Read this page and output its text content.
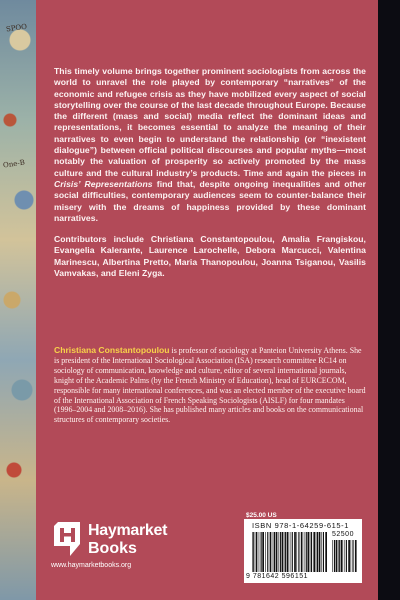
SPOO
One-B

This timely volume brings together prominent sociologists from across the world to unravel the role played by contemporary “narratives” of the economic and refugee crisis as they have mobilized every aspect of social storytelling over the course of the last decade throughout Europe. Because the different (mass and social) media reflect the dominant ideas and representations, it becomes essential to analyze the meaning of their narratives to even begin to understand the relationship (or “inexistent dialogue”) between official political discourses and popular myths—most notably the valuation of prosperity so actively promoted by the mass culture and the cultural industry’s products. Time and again the pieces in Crisis’ Representations find that, despite ongoing inequalities and other social difficulties, contemporary audiences seem to counter-balance their misery with the dreams of happiness provided by these dominant narratives.

Contributors include Christiana Constantopoulou, Amalia Frangiskou, Evangelia Kalerante, Laurence Larochelle, Debora Marcucci, Valentina Marinescu, Albertina Pretto, Maria Thanopoulou, Joanna Tsiganou, Vasilis Vamvakas, and Eleni Zyga.

Christiana Constantopoulou is professor of sociology at Panteion University Athens. She is president of the International Sociological Association (ISA) research committee RC14 on sociology of communication, knowledge and culture, editor of several international journals, knight of the Academic Palms (by the French Ministry of Education), head of EURCECOM, responsible for many international conferences, and was an elected member of the executive board of the International Association of French Speaking Sociologists (AISLF) for four mandates (1996–2004 and 2008–2016). She has published many articles and books on the communicational structures of contemporary societies.
Haymarket
Books
www.haymarketbooks.org
$25.00 US
ISBN 978-1-64259-615-1
52500
9 781642 596151
